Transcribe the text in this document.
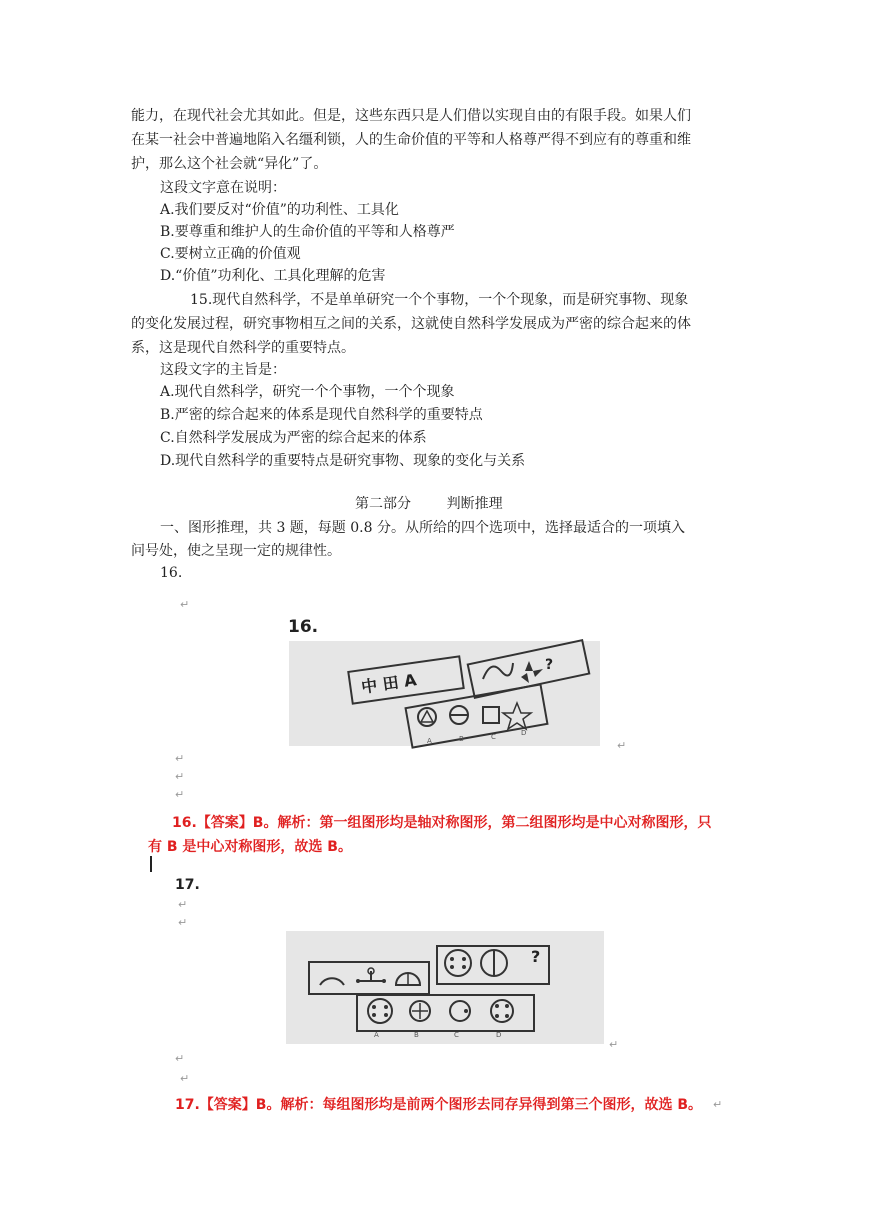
能力，在现代社会尤其如此。但是，这些东西只是人们借以实现自由的有限手段。如果人们
在某一社会中普遍地陷入名缰利锁，人的生命价值的平等和人格尊严得不到应有的尊重和维
护，那么这个社会就“异化”了。
这段文字意在说明：
A.我们要反对“价值”的功利性、工具化
B.要尊重和维护人的生命价值的平等和人格尊严
C.要树立正确的价值观
D.“价值”功利化、工具化理解的危害
15.现代自然科学，不是单单研究一个个事物，一个个现象，而是研究事物、现象
的变化发展过程，研究事物相互之间的关系，这就使自然科学发展成为严密的综合起来的体
系，这是现代自然科学的重要特点。
这段文字的主旨是：
A.现代自然科学，研究一个个事物，一个个现象
B.严密的综合起来的体系是现代自然科学的重要特点
C.自然科学发展成为严密的综合起来的体系
D.现代自然科学的重要特点是研究事物、现象的变化与关系
第二部分        判断推理
一、图形推理，共 3 题，每题 0.8 分。从所给的四个选项中，选择最适合的一项填入
问号处，使之呈现一定的规律性。
16.
↵
16.
中 田 A
?
A	B	C	D
↵
↵
↵
↵
16.【答案】B。解析：第一组图形均是轴对称图形，第二组图形均是中心对称图形，只
有 B 是中心对称图形，故选 B。
17.
↵
↵
?
A	B	C	D
↵
↵
↵
17.【答案】B。解析：每组图形均是前两个图形去同存异得到第三个图形，故选 B。 ↵
